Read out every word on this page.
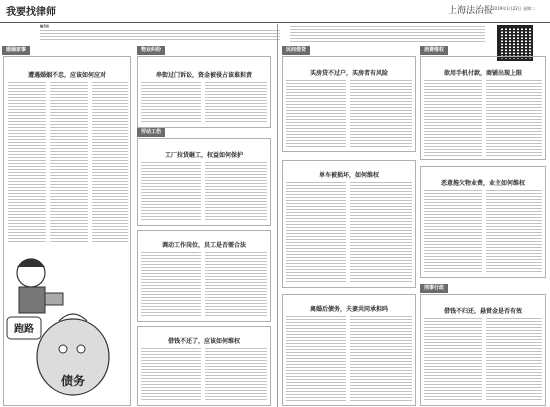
我要找律师	上海法治报
2019年1月22日 星期二
编者按
婚姻家事	物业纠纷
劳动工伤
民间借贷	消费维权
刑事行政
遭遇婚姻不忠，应该如何应对
跑路
债务
串街过门诉讼，资金被侵占该谁担责
工厂拉货砸工，权益如何保护
调动工作岗位，员工是否需合法
借钱不还了，应该如何维权
买房贷不过户，买房者有风险
单车被损坏，如何维权
离婚后债务，夫妻共同承担吗
欲用手机付款，商铺出现上限
恶意拖欠物业费，业主如何维权
借钱不归还，悬赏金是否有效
